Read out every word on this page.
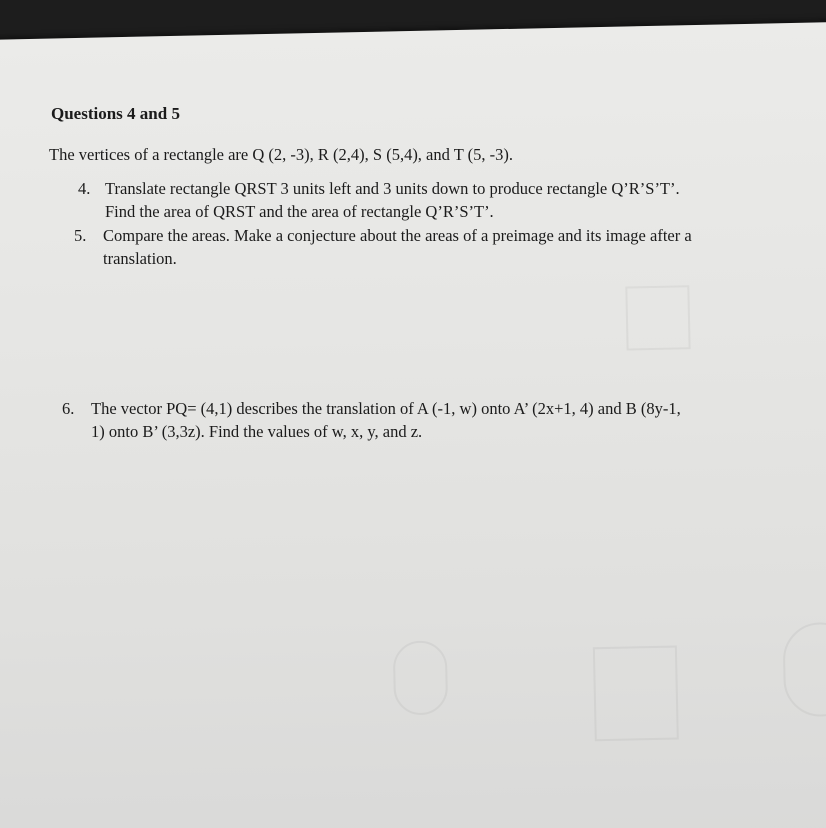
Questions 4 and 5
The vertices of a rectangle are Q (2, -3), R (2,4), S (5,4), and T (5, -3).
4. Translate rectangle QRST 3 units left and 3 units down to produce rectangle Q’R’S’T’.
Find the area of QRST and the area of rectangle Q’R’S’T’.
5. Compare the areas. Make a conjecture about the areas of a preimage and its image after a
translation.
6. The vector PQ= (4,1) describes the translation of A (-1, w) onto A’ (2x+1, 4) and B (8y-1,
1) onto B’ (3,3z). Find the values of w, x, y, and z.
